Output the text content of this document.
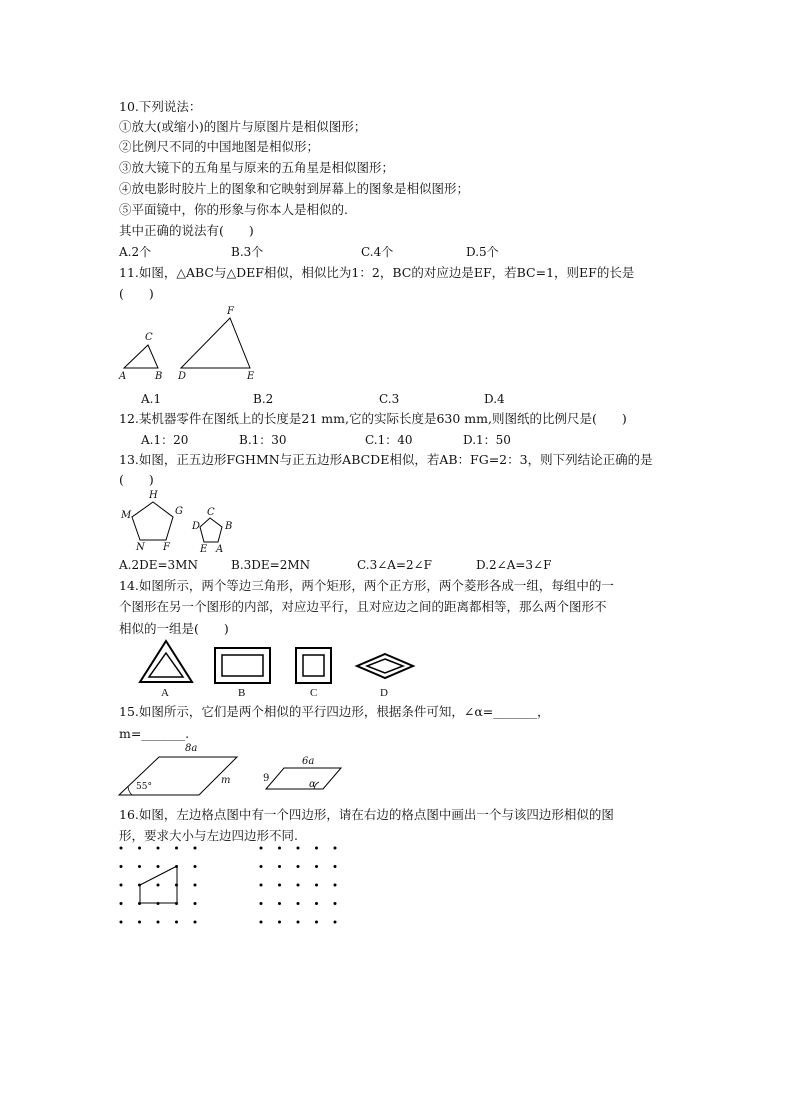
10.下列说法：
①放大(或缩小)的图片与原图片是相似图形；
②比例尺不同的中国地图是相似形；
③放大镜下的五角星与原来的五角星是相似图形；
④放电影时胶片上的图象和它映射到屏幕上的图象是相似图形；
⑤平面镜中，你的形象与你本人是相似的.
其中正确的说法有(　　)
A.2个	B.3个	C.4个	D.5个
11.如图，△ABC与△DEF相似，相似比为1：2，BC的对应边是EF，若BC=1，则EF的长是
(　　)
A	B
C
D	E
F
A.1	B.2	C.3	D.4
12.某机器零件在图纸上的长度是21 mm,它的实际长度是630 mm,则图纸的比例尺是(　　)
A.1：20	B.1：30	C.1：40	D.1：50
13.如图，正五边形FGHMN与正五边形ABCDE相似，若AB：FG=2：3，则下列结论正确的是
(　　)
H
G
M
N F
C
B
D
E A
A.2DE=3MN	B.3DE=2MN	C.3∠A=2∠F	D.2∠A=3∠F
14.如图所示，两个等边三角形，两个矩形，两个正方形，两个菱形各成一组，每组中的一
个图形在另一个图形的内部，对应边平行，且对应边之间的距离都相等，那么两个图形不
相似的一组是(　　)
A	B	C	D
15.如图所示，它们是两个相似的平行四边形，根据条件可知，∠α=_______，
m=_______.
8a
m
55°
6a
9
α
16.如图，左边格点图中有一个四边形，请在右边的格点图中画出一个与该四边形相似的图
形，要求大小与左边四边形不同.
